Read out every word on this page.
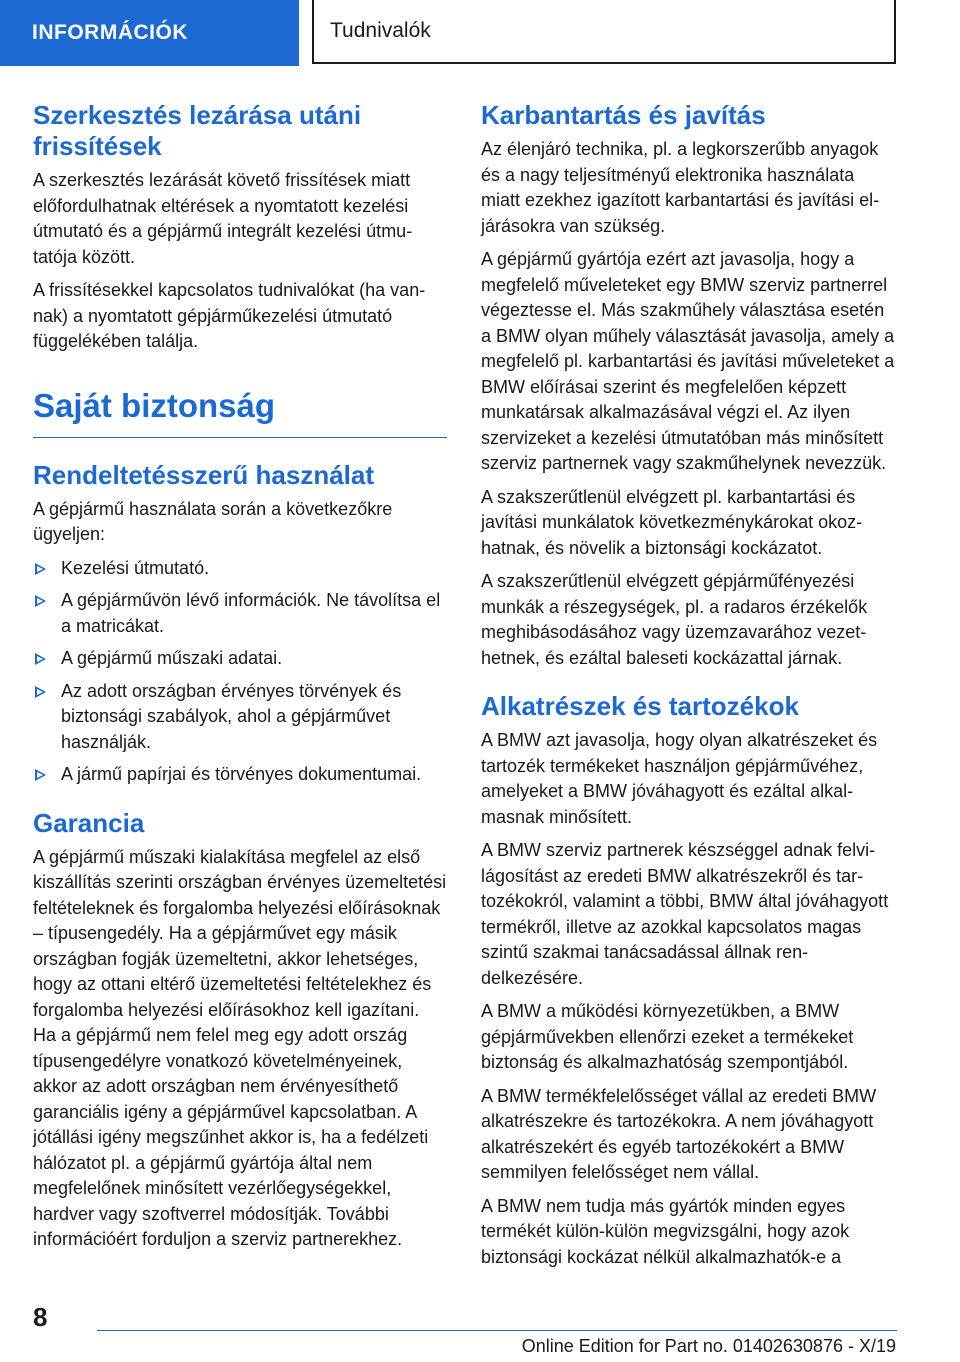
INFORMÁCIÓK	Tudnivalók
Szerkesztés lezárása utáni frissítések

A szerkesztés lezárását követő frissítések miatt előfordulhatnak eltérések a nyomtatott kezelési útmutató és a gépjármű integrált kezelési útmutatója között.

A frissítésekkel kapcsolatos tudnivalókat (ha vannak) a nyomtatott gépjárműkezelési útmutató függelékében találja.

Saját biztonság
Rendeltetésszerű használat

A gépjármű használata során a következőkre ügyeljen:

Kezelési útmutató.
A gépjárművön lévő információk. Ne távolítsa el a matricákat.
A gépjármű műszaki adatai.
Az adott országban érvényes törvények és biztonsági szabályok, ahol a gépjárművet használják.
A jármű papírjai és törvényes dokumentumai.
Garancia

A gépjármű műszaki kialakítása megfelel az első kiszállítás szerinti országban érvényes üzemeltetési feltételeknek és forgalomba helyezési előírásoknak – típusengedély. Ha a gépjárművet egy másik országban fogják üzemeltetni, akkor lehetséges, hogy az ottani eltérő üzemeltetési feltételekhez és forgalomba helyezési előírásokhoz kell igazítani. Ha a gépjármű nem felel meg egy adott ország típusengedélyre vonatkozó követelményeinek, akkor az adott országban nem érvényesíthető garanciális igény a gépjárművel kapcsolatban. A jótállási igény megszűnhet akkor is, ha a fedélzeti hálózatot pl. a gépjármű gyártója által nem megfelelőnek minősített vezérlőegységekkel, hardver vagy szoftverrel módosítják. További információért forduljon a szerviz partnerekhez.

Karbantartás és javítás

Az élenjáró technika, pl. a legkorszerűbb anyagok és a nagy teljesítményű elektronika használata miatt ezekhez igazított karbantartási és javítási eljárásokra van szükség.

A gépjármű gyártója ezért azt javasolja, hogy a megfelelő műveleteket egy BMW szerviz partnerrel végeztesse el. Más szakműhely választása esetén a BMW olyan műhely választását javasolja, amely a megfelelő pl. karbantartási és javítási műveleteket a BMW előírásai szerint és megfelelően képzett munkatársak alkalmazásával végzi el. Az ilyen szervizeket a kezelési útmutatóban más minősített szerviz partnernek vagy szakműhelynek nevezzük.

A szakszerűtlenül elvégzett pl. karbantartási és javítási munkálatok következménykárokat okozhatnak, és növelik a biztonsági kockázatot.

A szakszerűtlenül elvégzett gépjárműfényezési munkák a részegységek, pl. a radaros érzékelők meghibásodásához vagy üzemzavarához vezethetnek, és ezáltal baleseti kockázattal járnak.

Alkatrészek és tartozékok

A BMW azt javasolja, hogy olyan alkatrészeket és tartozék termékeket használjon gépjárművéhez, amelyeket a BMW jóváhagyott és ezáltal alkalmasnak minősített.

A BMW szerviz partnerek készséggel adnak felvilágosítást az eredeti BMW alkatrészekről és tartozékokról, valamint a többi, BMW által jóváhagyott termékről, illetve az azokkal kapcsolatos magas szintű szakmai tanácsadással állnak rendelkezésére.

A BMW a működési környezetükben, a BMW gépjárművekben ellenőrzi ezeket a termékeket biztonság és alkalmazhatóság szempontjából.

A BMW termékfelelősséget vállal az eredeti BMW alkatrészekre és tartozékokra. A nem jóváhagyott alkatrészekért és egyéb tartozékokért a BMW semmilyen felelősséget nem vállal.

A BMW nem tudja más gyártók minden egyes termékét külön-külön megvizsgálni, hogy azok biztonsági kockázat nélkül alkalmazhatók-e a

8
Online Edition for Part no. 01402630876 - X/19
